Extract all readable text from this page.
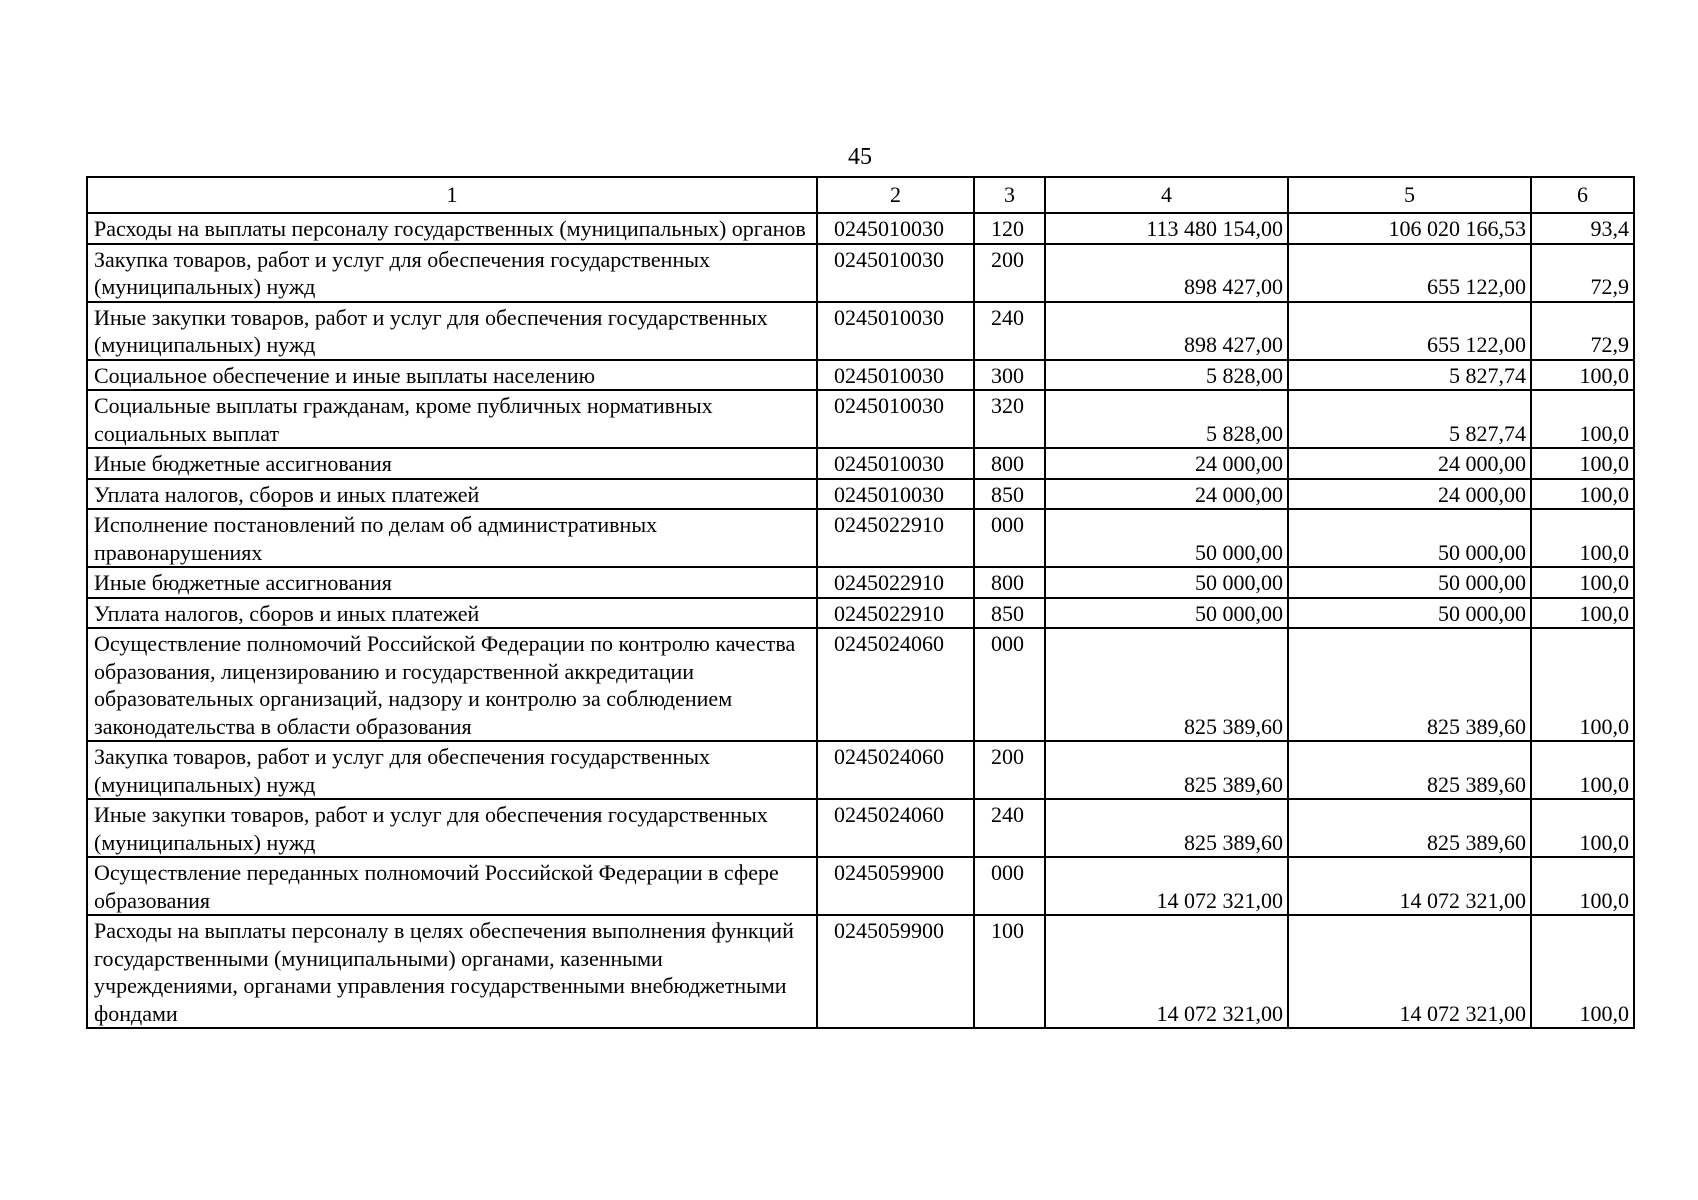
45
1	2	3	4	5	6
Расходы на выплаты персоналу государственных (муниципальных) органов	0245010030	120	113 480 154,00	106 020 166,53	93,4
Закупка товаров, работ и услуг для обеспечения государственных (муниципальных) нужд	0245010030	200	898 427,00	655 122,00	72,9
Иные закупки товаров, работ и услуг для обеспечения государственных (муниципальных) нужд	0245010030	240	898 427,00	655 122,00	72,9
Социальное обеспечение и иные выплаты населению	0245010030	300	5 828,00	5 827,74	100,0
Социальные выплаты гражданам, кроме публичных нормативных социальных выплат	0245010030	320	5 828,00	5 827,74	100,0
Иные бюджетные ассигнования	0245010030	800	24 000,00	24 000,00	100,0
Уплата налогов, сборов и иных платежей	0245010030	850	24 000,00	24 000,00	100,0
Исполнение постановлений по делам об административных правонарушениях	0245022910	000	50 000,00	50 000,00	100,0
Иные бюджетные ассигнования	0245022910	800	50 000,00	50 000,00	100,0
Уплата налогов, сборов и иных платежей	0245022910	850	50 000,00	50 000,00	100,0
Осуществление полномочий Российской Федерации по контролю качества образования, лицензированию и государственной аккредитации образовательных организаций, надзору и контролю за соблюдением законодательства в области образования	0245024060	000	825 389,60	825 389,60	100,0
Закупка товаров, работ и услуг для обеспечения государственных (муниципальных) нужд	0245024060	200	825 389,60	825 389,60	100,0
Иные закупки товаров, работ и услуг для обеспечения государственных (муниципальных) нужд	0245024060	240	825 389,60	825 389,60	100,0
Осуществление переданных полномочий Российской Федерации в сфере образования	0245059900	000	14 072 321,00	14 072 321,00	100,0
Расходы на выплаты персоналу в целях обеспечения выполнения функций государственными (муниципальными) органами, казенными учреждениями, органами управления государственными внебюджетными фондами	0245059900	100	14 072 321,00	14 072 321,00	100,0
